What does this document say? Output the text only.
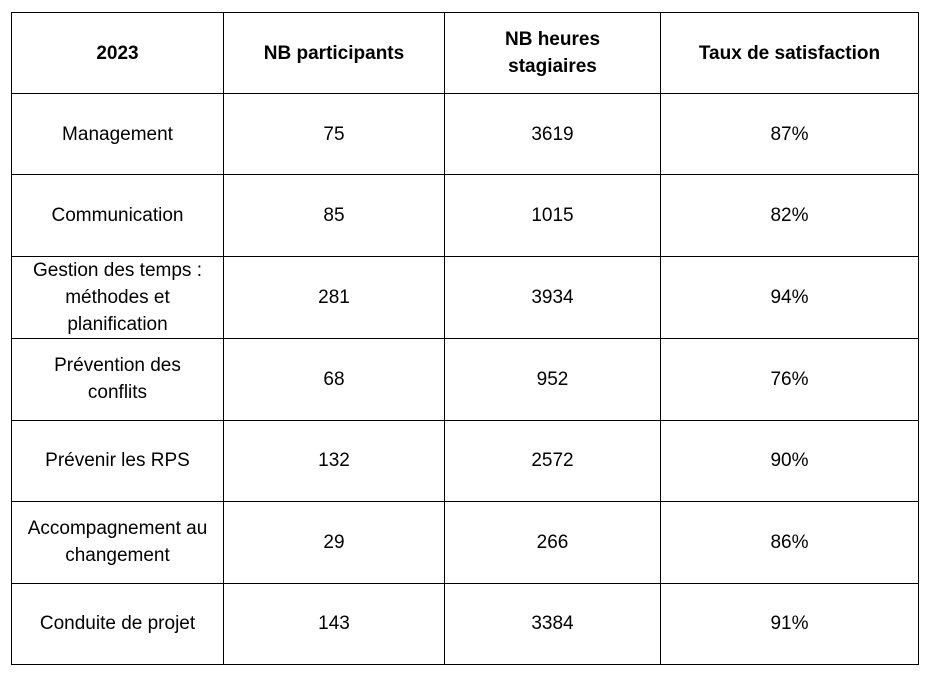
2023	NB participants	NB heures stagiaires	Taux de satisfaction
Management	75	3619	87%
Communication	85	1015	82%
Gestion des temps : méthodes et planification	281	3934	94%
Prévention des conflits	68	952	76%
Prévenir les RPS	132	2572	90%
Accompagnement au changement	29	266	86%
Conduite de projet	143	3384	91%
